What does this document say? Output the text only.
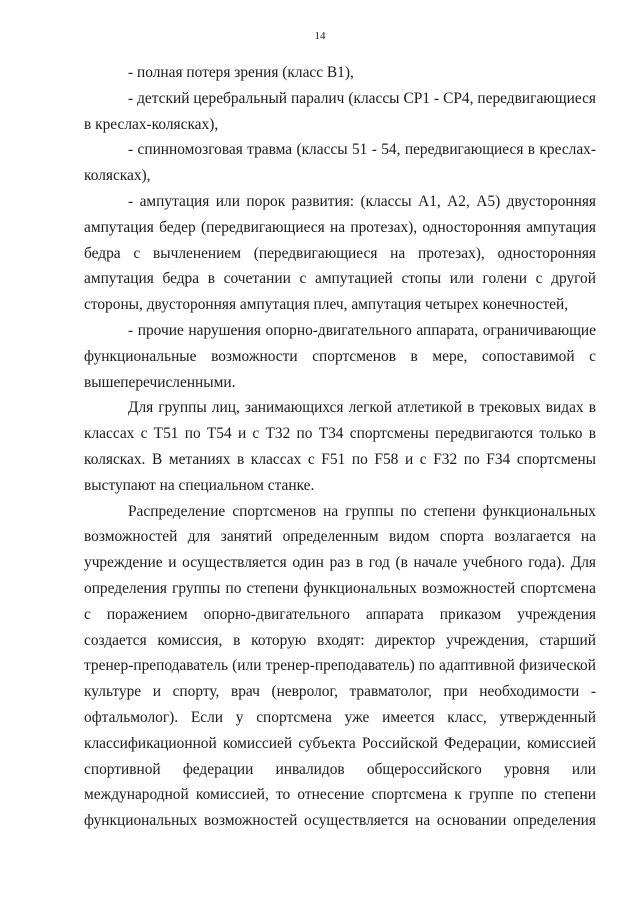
14
- полная потеря зрения (класс В1),
- детский церебральный паралич (классы СР1 - СР4, передвигающиеся
в креслах-колясках),
- спинномозговая травма (классы 51 - 54, передвигающиеся в креслах-
колясках),
- ампутация или порок развития: (классы А1, А2, А5) двусторонняя
ампутация бедер (передвигающиеся на протезах), односторонняя ампутация
бедра с вычленением (передвигающиеся на протезах), односторонняя
ампутация бедра в сочетании с ампутацией стопы или голени с другой
стороны, двусторонняя ампутация плеч, ампутация четырех конечностей,
- прочие нарушения опорно-двигательного аппарата, ограничивающие
функциональные возможности спортсменов в мере, сопоставимой с
вышеперечисленными.
Для группы лиц, занимающихся легкой атлетикой в трековых видах в
классах с Т51 по Т54 и с Т32 по Т34 спортсмены передвигаются только в
колясках. В метаниях в классах с F51 по F58 и с F32 по F34 спортсмены
выступают на специальном станке.
Распределение спортсменов на группы по степени функциональных
возможностей для занятий определенным видом спорта возлагается на
учреждение и осуществляется один раз в год (в начале учебного года). Для
определения группы по степени функциональных возможностей спортсмена
с поражением опорно-двигательного аппарата приказом учреждения
создается комиссия, в которую входят: директор учреждения, старший
тренер-преподаватель (или тренер-преподаватель) по адаптивной физической
культуре и спорту, врач (невролог, травматолог, при необходимости -
офтальмолог). Если у спортсмена уже имеется класс, утвержденный
классификационной комиссией субъекта Российской Федерации, комиссией
спортивной федерации инвалидов общероссийского уровня или
международной комиссией, то отнесение спортсмена к группе по степени
функциональных возможностей осуществляется на основании определения
